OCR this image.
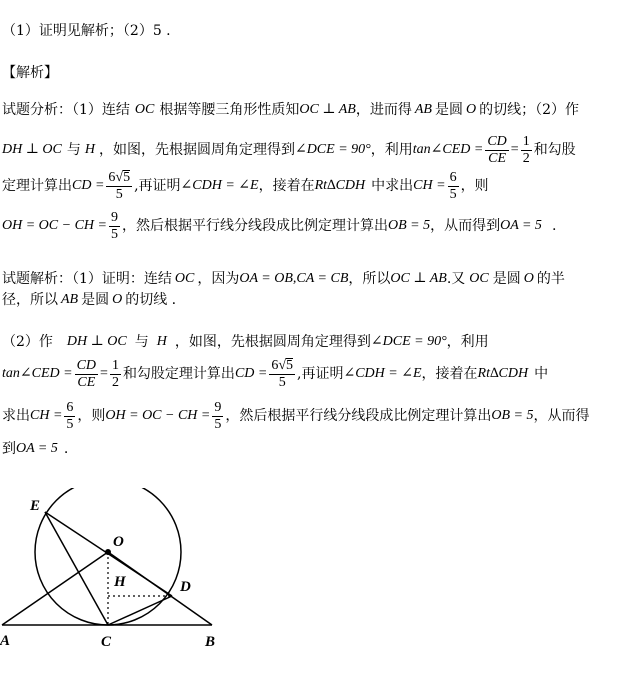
（1）证明见解析；（2）5 .
【解析】
试题分析：（1）连结 OC 根据等腰三角形性质知 OC ⊥ AB ，进而得 AB 是圆 O 的切线；（2）作
DH ⊥ OC 与 H ，如图，先根据圆周角定理得到 ∠DCE = 90° ，利用 tan∠CED = $\frac{CD}{CE} = \frac{1}{2}$ 和勾股
定理计算出 CD = $\frac{6 √ 5}{5}$ ,再证明 ∠CDH = ∠E ，接着在 Rt∆CDH 中求出 CH = $\frac{6}{5}$ ，则
OH = OC − CH = $\frac{9}{5}$ ，然后根据平行线分线段成比例定理计算出 OB = 5 ，从而得到 OA = 5 .
试题解析：（1）证明：连结 OC ，因为 OA = OB,CA = CB ，所以 OC ⊥ AB .又 OC 是圆 O 的半
径，所以 AB 是圆 O 的切线 .
（2）作 DH ⊥ OC 与 H ，如图，先根据圆周角定理得到 ∠DCE = 90° ，利用
tan∠CED = $\frac{CD}{CE} = \frac{1}{2}$ 和勾股定理计算出 CD = $\frac{6 √ 5}{5}$ ,再证明 ∠CDH = ∠E ，接着在 Rt∆CDH 中
求出 CH = $\frac{6}{5}$ ，则 OH = OC − CH = $\frac{9}{5}$ ，然后根据平行线分线段成比例定理计算出 OB = 5 ，从而得
到 OA = 5 .
E
O
H	D
A	C	B
